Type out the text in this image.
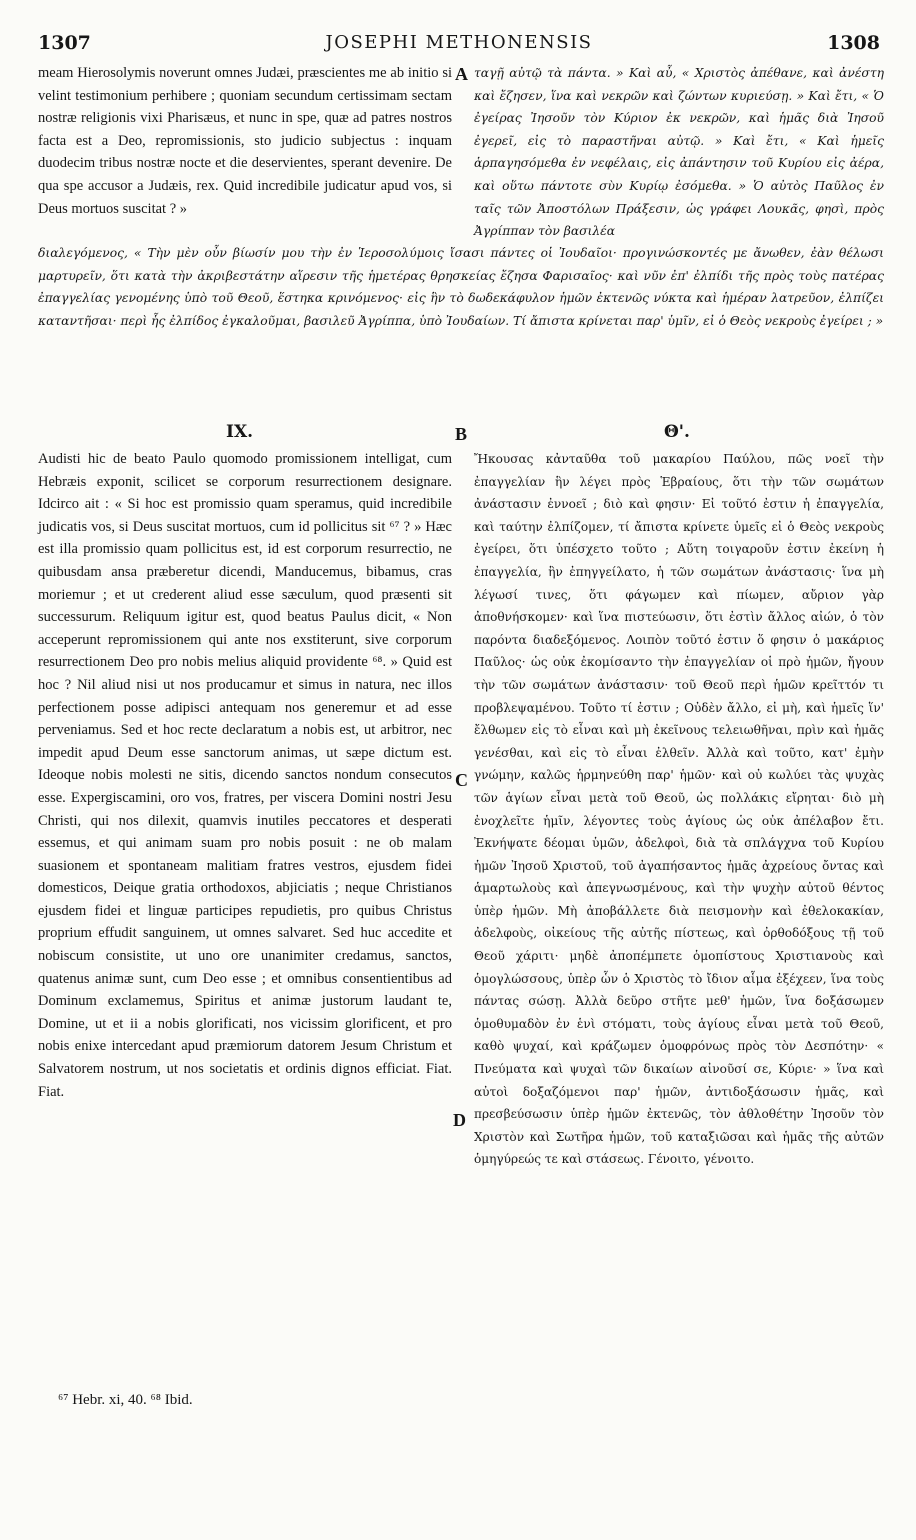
1307	JOSEPHI METHONENSIS	1308

meam Hierosolymis noverunt omnes Judæi, præscientes me ab initio si velint testimonium perhibere ; quoniam secundum certissimam sectam nostræ religionis vixi Pharisæus, et nunc in spe, quæ ad patres nostros facta est a Deo, repromissionis, sto judicio subjectus : inquam duodecim tribus nostræ nocte et die deservientes, sperant devenire. De qua spe accusor a Judæis, rex. Quid incredibile judicatur apud vos, si Deus mortuos suscitat ? »

ταγῇ αὐτῷ τὰ πάντα. » Καὶ αὖ, « Χριστὸς ἀπέθανε, καὶ ἀνέστη καὶ ἔζησεν, ἵνα καὶ νεκρῶν καὶ ζώντων κυριεύσῃ. » Καὶ ἔτι, « Ὁ ἐγείρας Ἰησοῦν τὸν Κύριον ἐκ νεκρῶν, καὶ ἡμᾶς διὰ Ἰησοῦ ἐγερεῖ, εἰς τὸ παραστῆναι αὐτῷ. » Καὶ ἔτι, « Καὶ ἡμεῖς ἁρπαγησόμεθα ἐν νεφέλαις, εἰς ἀπάντησιν τοῦ Κυρίου εἰς ἀέρα, καὶ οὕτω πάντοτε σὺν Κυρίῳ ἐσόμεθα. » Ὁ αὐτὸς Παῦλος ἐν ταῖς τῶν Ἀποστόλων Πράξεσιν, ὡς γράφει Λουκᾶς, φησὶ, πρὸς Ἀγρίππαν τὸν βασιλέα

διαλεγόμενος, « Τὴν μὲν οὖν βίωσίν μου τὴν ἐν Ἱεροσολύμοις ἴσασι πάντες οἱ Ἰουδαῖοι· προγινώσκοντές με ἄνωθεν, ἐὰν θέλωσι μαρτυρεῖν, ὅτι κατὰ τὴν ἀκριβεστάτην αἵρεσιν τῆς ἡμετέρας θρησκείας ἔζησα Φαρισαῖος· καὶ νῦν ἐπ' ἐλπίδι τῆς πρὸς τοὺς πατέρας ἐπαγγελίας γενομένης ὑπὸ τοῦ Θεοῦ, ἕστηκα κρινόμενος· εἰς ἣν τὸ δωδεκάφυλον ἡμῶν ἐκτενῶς νύκτα καὶ ἡμέραν λατρεῦον, ἐλπίζει καταντῆσαι· περὶ ἧς ἐλπίδος ἐγκαλοῦμαι, βασιλεῦ Ἀγρίππα, ὑπὸ Ἰουδαίων. Τί ἄπιστα κρίνεται παρ' ὑμῖν, εἰ ὁ Θεὸς νεκροὺς ἐγείρει ; »

A
B
C
D
IX.	Θ'.

Audisti hic de beato Paulo quomodo promissionem intelligat, cum Hebræis exponit, scilicet se corporum resurrectionem designare. Idcirco ait : « Si hoc est promissio quam speramus, quid incredibile judicatis vos, si Deus suscitat mortuos, cum id pollicitus sit ⁶⁷ ? » Hæc est illa promissio quam pollicitus est, id est corporum resurrectio, ne quibusdam ansa præberetur dicendi, Manducemus, bibamus, cras moriemur ; et ut crederent aliud esse sæculum, quod præsenti sit successurum. Reliquum igitur est, quod beatus Paulus dicit, « Non acceperunt repromissionem qui ante nos exstiterunt, sive corporum resurrectionem Deo pro nobis melius aliquid providente ⁶⁸. » Quid est hoc ? Nil aliud nisi ut nos producamur et simus in natura, nec illos perfectionem posse adipisci antequam nos generemur et ad esse perveniamus. Sed et hoc recte declaratum a nobis est, ut arbitror, nec impedit apud Deum esse sanctorum animas, ut sæpe dictum est. Ideoque nobis molesti ne sitis, dicendo sanctos nondum consecutos esse. Expergiscamini, oro vos, fratres, per viscera Domini nostri Jesu Christi, qui nos dilexit, quamvis inutiles peccatores et desperati essemus, et qui animam suam pro nobis posuit : ne ob malam suasionem et spontaneam malitiam fratres vestros, ejusdem fidei domesticos, Deique gratia orthodoxos, abjiciatis ; neque Christianos ejusdem fidei et linguæ participes repudietis, pro quibus Christus proprium effudit sanguinem, ut omnes salvaret. Sed huc accedite et nobiscum consistite, ut uno ore unanimiter credamus, sanctos, quatenus animæ sunt, cum Deo esse ; et omnibus consentientibus ad Dominum exclamemus, Spiritus et animæ justorum laudant te, Domine, ut et ii a nobis glorificati, nos vicissim glorificent, et pro nobis enixe intercedant apud præmiorum datorem Jesum Christum et Salvatorem nostrum, ut nos societatis et ordinis dignos efficiat. Fiat. Fiat.

Ἤκουσας κἀνταῦθα τοῦ μακαρίου Παύλου, πῶς νοεῖ τὴν ἐπαγγελίαν ἣν λέγει πρὸς Ἑβραίους, ὅτι τὴν τῶν σωμάτων ἀνάστασιν ἐννοεῖ ; διὸ καὶ φησιν· Εἰ τοῦτό ἐστιν ἡ ἐπαγγελία, καὶ ταύτην ἐλπίζομεν, τί ἄπιστα κρίνετε ὑμεῖς εἰ ὁ Θεὸς νεκροὺς ἐγείρει, ὅτι ὑπέσχετο τοῦτο ; Αὕτη τοιγαροῦν ἐστιν ἐκείνη ἡ ἐπαγγελία, ἣν ἐπηγγείλατο, ἡ τῶν σωμάτων ἀνάστασις· ἵνα μὴ λέγωσί τινες, ὅτι φάγωμεν καὶ πίωμεν, αὔριον γὰρ ἀποθνήσκομεν· καὶ ἵνα πιστεύωσιν, ὅτι ἐστὶν ἄλλος αἰών, ὁ τὸν παρόντα διαδεξόμενος. Λοιπὸν τοῦτό ἐστιν ὅ φησιν ὁ μακάριος Παῦλος· ὡς οὐκ ἐκομίσαντο τὴν ἐπαγγελίαν οἱ πρὸ ἡμῶν, ἤγουν τὴν τῶν σωμάτων ἀνάστασιν· τοῦ Θεοῦ περὶ ἡμῶν κρεῖττόν τι προβλεψαμένου. Τοῦτο τί ἐστιν ; Οὐδὲν ἄλλο, εἰ μὴ, καὶ ἡμεῖς ἵν' ἔλθωμεν εἰς τὸ εἶναι καὶ μὴ ἐκεῖνους τελειωθῆναι, πρὶν καὶ ἡμᾶς γενέσθαι, καὶ εἰς τὸ εἶναι ἐλθεῖν. Ἀλλὰ καὶ τοῦτο, κατ' ἐμὴν γνώμην, καλῶς ἡρμηνεύθη παρ' ἡμῶν· καὶ οὐ κωλύει τὰς ψυχὰς τῶν ἁγίων εἶναι μετὰ τοῦ Θεοῦ, ὡς πολλάκις εἴρηται· διὸ μὴ ἐνοχλεῖτε ἡμῖν, λέγοντες τοὺς ἁγίους ὡς οὐκ ἀπέλαβον ἔτι. Ἐκνήψατε δέομαι ὑμῶν, ἀδελφοὶ, διὰ τὰ σπλάγχνα τοῦ Κυρίου ἡμῶν Ἰησοῦ Χριστοῦ, τοῦ ἀγαπήσαντος ἡμᾶς ἀχρείους ὄντας καὶ ἁμαρτωλοὺς καὶ ἀπεγνωσμένους, καὶ τὴν ψυχὴν αὐτοῦ θέντος ὑπὲρ ἡμῶν. Μὴ ἀποβάλλετε διὰ πεισμονὴν καὶ ἐθελοκακίαν, ἀδελφοὺς, οἰκείους τῆς αὐτῆς πίστεως, καὶ ὀρθοδόξους τῇ τοῦ Θεοῦ χάριτι· μηδὲ ἀποπέμπετε ὁμοπίστους Χριστιανοὺς καὶ ὁμογλώσσους, ὑπὲρ ὧν ὁ Χριστὸς τὸ ἴδιον αἷμα ἐξέχεεν, ἵνα τοὺς πάντας σώσῃ. Ἀλλὰ δεῦρο στῆτε μεθ' ἡμῶν, ἵνα δοξάσωμεν ὁμοθυμαδὸν ἐν ἑνὶ στόματι, τοὺς ἁγίους εἶναι μετὰ τοῦ Θεοῦ, καθὸ ψυχαί, καὶ κράζωμεν ὁμοφρόνως πρὸς τὸν Δεσπότην· « Πνεύματα καὶ ψυχαὶ τῶν δικαίων αἰνοῦσί σε, Κύριε· » ἵνα καὶ αὐτοὶ δοξαζόμενοι παρ' ἡμῶν, ἀντιδοξάσωσιν ἡμᾶς, καὶ πρεσβεύσωσιν ὑπὲρ ἡμῶν ἐκτενῶς, τὸν ἀθλοθέτην Ἰησοῦν τὸν Χριστὸν καὶ Σωτῆρα ἡμῶν, τοῦ καταξιῶσαι καὶ ἡμᾶς τῆς αὐτῶν ὁμηγύρεώς τε καὶ στάσεως. Γένοιτο, γένοιτο.

⁶⁷ Hebr. xi, 40. ⁶⁸ Ibid.
